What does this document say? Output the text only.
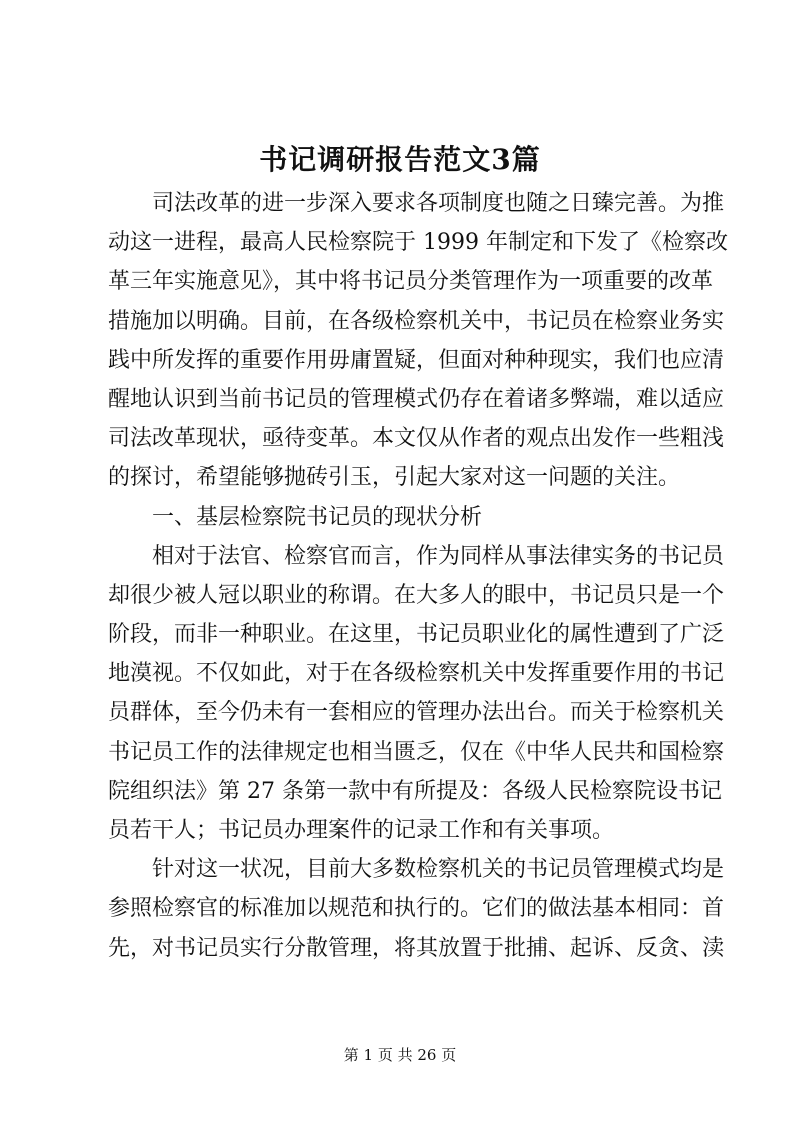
书记调研报告范文3篇
司法改革的进一步深入要求各项制度也随之日臻完善。为推
动这一进程，最高人民检察院于 1999 年制定和下发了《检察改
革三年实施意见》，其中将书记员分类管理作为一项重要的改革
措施加以明确。目前，在各级检察机关中，书记员在检察业务实
践中所发挥的重要作用毋庸置疑，但面对种种现实，我们也应清
醒地认识到当前书记员的管理模式仍存在着诸多弊端，难以适应
司法改革现状，亟待变革。本文仅从作者的观点出发作一些粗浅
的探讨，希望能够抛砖引玉，引起大家对这一问题的关注。
一、基层检察院书记员的现状分析
相对于法官、检察官而言，作为同样从事法律实务的书记员
却很少被人冠以职业的称谓。在大多人的眼中，书记员只是一个
阶段，而非一种职业。在这里，书记员职业化的属性遭到了广泛
地漠视。不仅如此，对于在各级检察机关中发挥重要作用的书记
员群体，至今仍未有一套相应的管理办法出台。而关于检察机关
书记员工作的法律规定也相当匮乏，仅在《中华人民共和国检察
院组织法》第 27 条第一款中有所提及：各级人民检察院设书记
员若干人；书记员办理案件的记录工作和有关事项。
针对这一状况，目前大多数检察机关的书记员管理模式均是
参照检察官的标准加以规范和执行的。它们的做法基本相同：首
先，对书记员实行分散管理，将其放置于批捕、起诉、反贪、渎
第 1 页 共 26 页
